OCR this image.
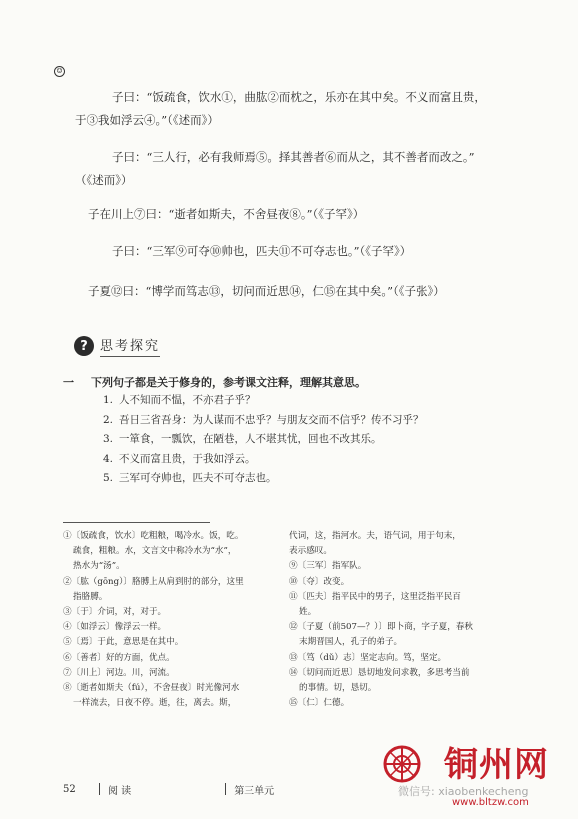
☺
子曰：“饭疏食，饮水①，曲肱②而枕之，乐亦在其中矣。不义而富且贵，
于③我如浮云④。”（《述而》）
子曰：“三人行，必有我师焉⑤。择其善者⑥而从之，其不善者而改之。”
（《述而》）
子在川上⑦曰：“逝者如斯夫，不舍昼夜⑧。”（《子罕》）
子曰：“三军⑨可夺⑩帅也，匹夫⑪不可夺志也。”（《子罕》）
子夏⑫曰：“博学而笃志⑬，切问而近思⑭，仁⑮在其中矣。”（《子张》）
? 思考探究
一 下列句子都是关于修身的，参考课文注释，理解其意思。
1. 人不知而不愠，不亦君子乎？
2. 吾日三省吾身：为人谋而不忠乎？与朋友交而不信乎？传不习乎？
3. 一箪食，一瓢饮，在陋巷，人不堪其忧，回也不改其乐。
4. 不义而富且贵，于我如浮云。
5. 三军可夺帅也，匹夫不可夺志也。
①〔饭疏食，饮水〕吃粗粮，喝冷水。饭，吃。
疏食，粗粮。水，文言文中称冷水为“水”，
热水为“汤”。
②〔肱（gōng）〕胳膊上从肩到肘的部分，这里
指胳膊。
③〔于〕介词，对，对于。
④〔如浮云〕像浮云一样。
⑤〔焉〕于此，意思是在其中。
⑥〔善者〕好的方面，优点。
⑦〔川上〕河边。川，河流。
⑧〔逝者如斯夫（fú），不舍昼夜〕时光像河水
一样流去，日夜不停。逝，往，离去。斯，
代词，这，指河水。夫，语气词，用于句末，
表示感叹。
⑨〔三军〕指军队。
⑩〔夺〕改变。
⑪〔匹夫〕指平民中的男子，这里泛指平民百
姓。
⑫〔子夏（前507—？）〕即卜商，字子夏，春秋
末期晋国人，孔子的弟子。
⑬〔笃（dǔ）志〕坚定志向。笃，坚定。
⑭〔切问而近思〕恳切地发问求教，多思考当前
的事情。切，恳切。
⑮〔仁〕仁德。
52	阅 读	第三单元
铜州网
微信号: xiaobenkecheng
www.bltzw.com
